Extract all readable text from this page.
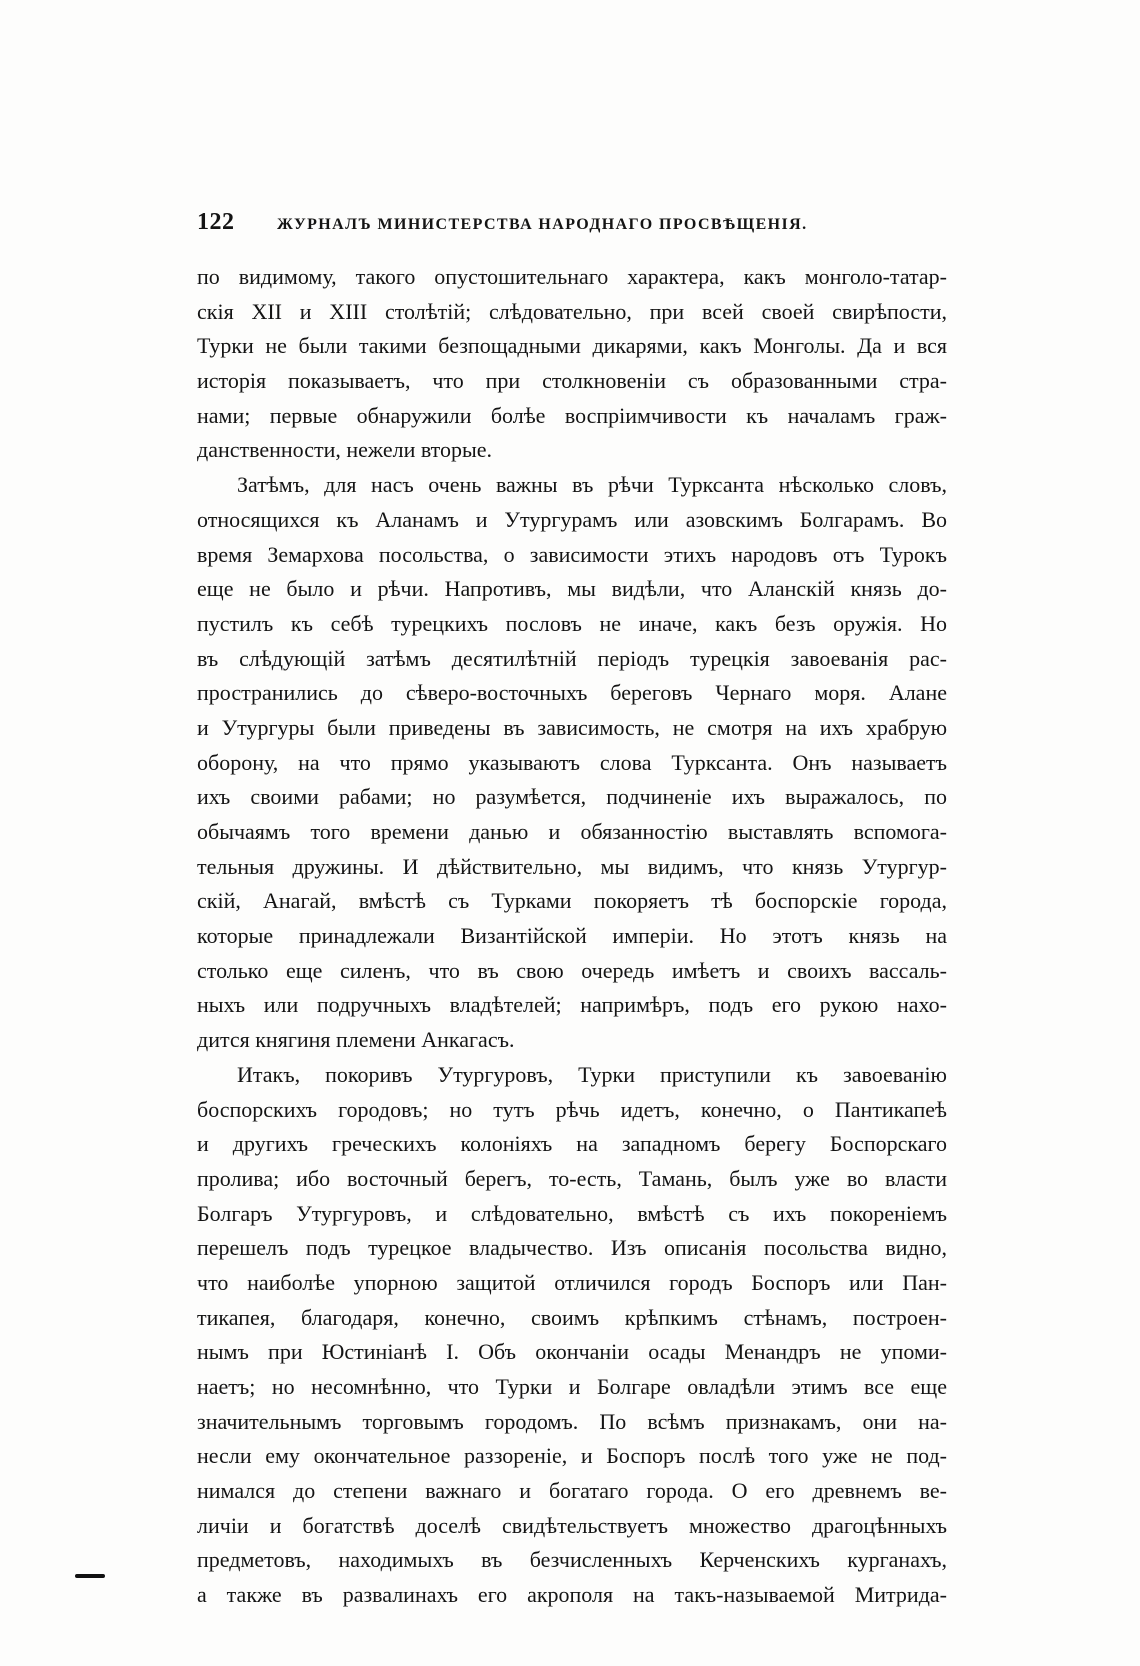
122	ЖУРНАЛЪ МИНИСТЕРСТВА НАРОДНАГО ПРОСВѢЩЕНІЯ.
по видимому, такого опустошительнаго характера, какъ монголо-татар-
скія XII и XIII столѣтій; слѣдовательно, при всей своей свирѣпости,
Турки не были такими безпощадными дикарями, какъ Монголы. Да и вся
исторія показываетъ, что при столкновеніи съ образованными стра-
нами; первые обнаружили болѣе воспріимчивости къ началамъ граж-
данственности, нежели вторые.
Затѣмъ, для насъ очень важны въ рѣчи Турксанта нѣсколько словъ,
относящихся къ Аланамъ и Утургурамъ или азовскимъ Болгарамъ. Во
время Земархова посольства, о зависимости этихъ народовъ отъ Турокъ
еще не было и рѣчи. Напротивъ, мы видѣли, что Аланскій князь до-
пустилъ къ себѣ турецкихъ пословъ не иначе, какъ безъ оружія. Но
въ слѣдующій затѣмъ десятилѣтній періодъ турецкія завоеванія рас-
пространились до сѣверо-восточныхъ береговъ Чернаго моря. Алане
и Утургуры были приведены въ зависимость, не смотря на ихъ храбрую
оборону, на что прямо указываютъ слова Турксанта. Онъ называетъ
ихъ своими рабами; но разумѣется, подчиненіе ихъ выражалось, по
обычаямъ того времени данью и обязанностію выставлять вспомога-
тельныя дружины. И дѣйствительно, мы видимъ, что князь Утургур-
скій, Анагай, вмѣстѣ съ Турками покоряетъ тѣ боспорскіе города,
которые принадлежали Византійской имперіи. Но этотъ князь на
столько еще силенъ, что въ свою очередь имѣетъ и своихъ вассаль-
ныхъ или подручныхъ владѣтелей; напримѣръ, подъ его рукою нахо-
дится княгиня племени Анкагасъ.
Итакъ, покоривъ Утургуровъ, Турки приступили къ завоеванію
боспорскихъ городовъ; но тутъ рѣчь идетъ, конечно, о Пантикапеѣ
и другихъ греческихъ колоніяхъ на западномъ берегу Боспорскаго
пролива; ибо восточный берегъ, то-есть, Тамань, былъ уже во власти
Болгаръ Утургуровъ, и слѣдовательно, вмѣстѣ съ ихъ покореніемъ
перешелъ подъ турецкое владычество. Изъ описанія посольства видно,
что наиболѣе упорною защитой отличился городъ Боспоръ или Пан-
тикапея, благодаря, конечно, своимъ крѣпкимъ стѣнамъ, построен-
нымъ при Юстиніанѣ I. Объ окончаніи осады Менандръ не упоми-
наетъ; но несомнѣнно, что Турки и Болгаре овладѣли этимъ все еще
значительнымъ торговымъ городомъ. По всѣмъ признакамъ, они на-
несли ему окончательное раззореніе, и Боспоръ послѣ того уже не под-
нимался до степени важнаго и богатаго города. О его древнемъ ве-
личіи и богатствѣ доселѣ свидѣтельствуетъ множество драгоцѣнныхъ
предметовъ, находимыхъ въ безчисленныхъ Керченскихъ курганахъ,
а также въ развалинахъ его акрополя на такъ-называемой Митрида-
